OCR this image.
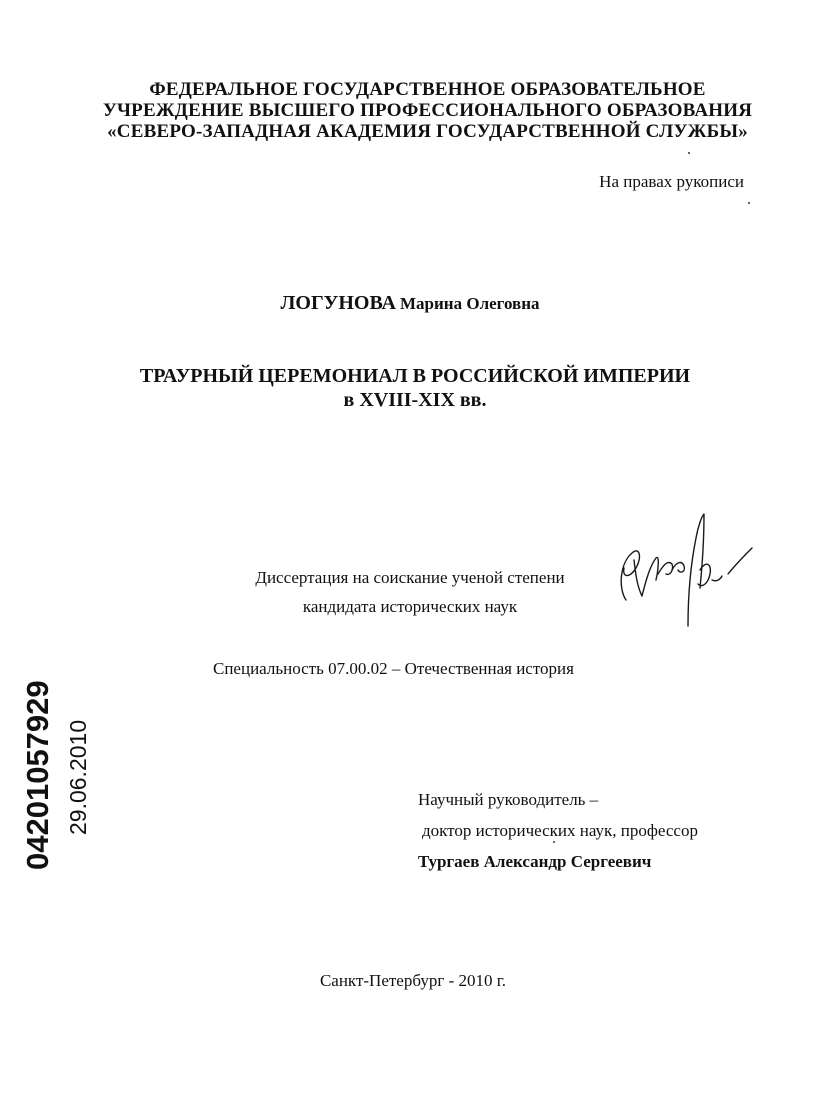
ФЕДЕРАЛЬНОЕ ГОСУДАРСТВЕННОЕ ОБРАЗОВАТЕЛЬНОЕ
УЧРЕЖДЕНИЕ ВЫСШЕГО ПРОФЕССИОНАЛЬНОГО ОБРАЗОВАНИЯ
«СЕВЕРО-ЗАПАДНАЯ АКАДЕМИЯ ГОСУДАРСТВЕННОЙ СЛУЖБЫ»
На правах рукописи
ЛОГУНОВА Марина Олеговна
ТРАУРНЫЙ ЦЕРЕМОНИАЛ В РОССИЙСКОЙ ИМПЕРИИ
в XVIII-XIX вв.
Диссертация на соискание ученой степени
кандидата исторических наук
Специальность 07.00.02 – Отечественная история
Научный руководитель –
доктор исторических наук, профессор
Тургаев Александр Сергеевич
Санкт-Петербург - 2010 г.
04201057929 29.06.2010
